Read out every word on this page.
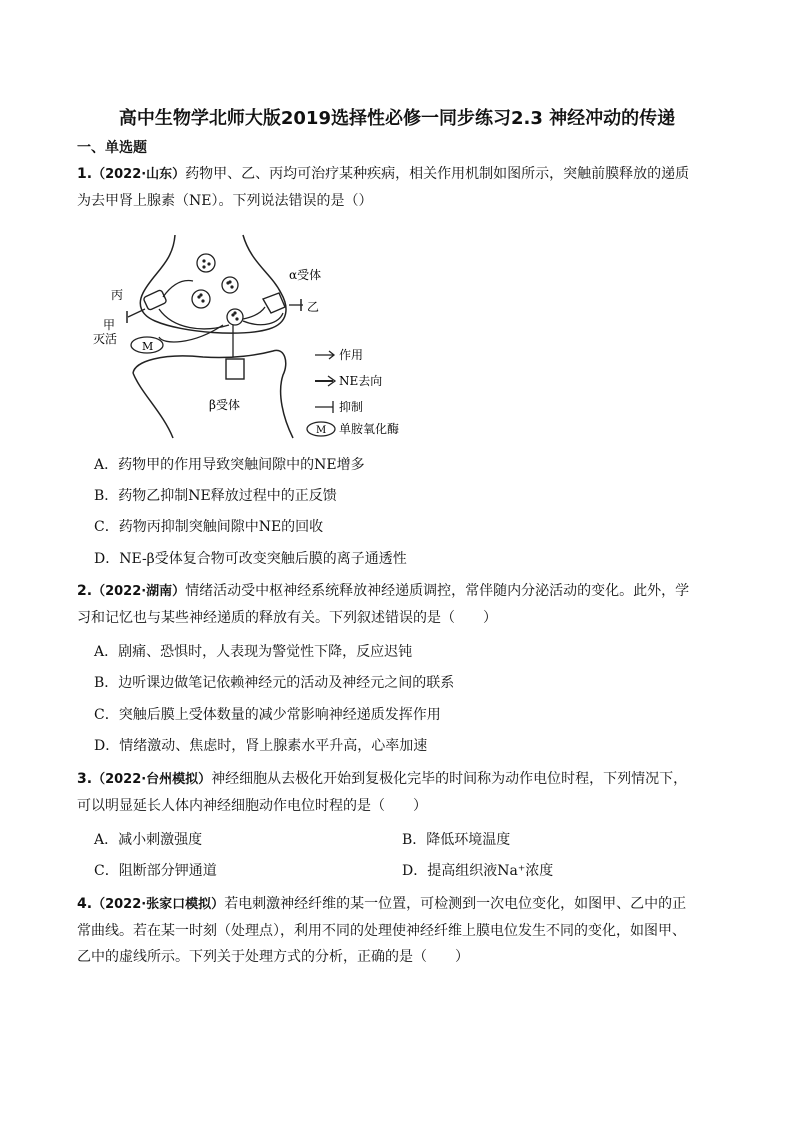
高中生物学北师大版2019选择性必修一同步练习2.3 神经冲动的传递
一、单选题
1.（2022·山东）药物甲、乙、丙均可治疗某种疾病，相关作用机制如图所示，突触前膜释放的递质
为去甲肾上腺素（NE）。下列说法错误的是（）
M
丙
甲
灭活
乙
α受体
β受体
M
作用
NE去向
抑制
单胺氧化酶
A．药物甲的作用导致突触间隙中的NE增多
B．药物乙抑制NE释放过程中的正反馈
C．药物丙抑制突触间隙中NE的回收
D．NE-β受体复合物可改变突触后膜的离子通透性
2.（2022·湖南）情绪活动受中枢神经系统释放神经递质调控，常伴随内分泌活动的变化。此外，学
习和记忆也与某些神经递质的释放有关。下列叙述错误的是（　　）
A．剧痛、恐惧时，人表现为警觉性下降，反应迟钝
B．边听课边做笔记依赖神经元的活动及神经元之间的联系
C．突触后膜上受体数量的减少常影响神经递质发挥作用
D．情绪激动、焦虑时，肾上腺素水平升高，心率加速
3.（2022·台州模拟）神经细胞从去极化开始到复极化完毕的时间称为动作电位时程，下列情况下，
可以明显延长人体内神经细胞动作电位时程的是（　　）
A．减小刺激强度	B．降低环境温度
C．阻断部分钾通道	D．提高组织液Na⁺浓度
4.（2022·张家口模拟）若电刺激神经纤维的某一位置，可检测到一次电位变化，如图甲、乙中的正
常曲线。若在某一时刻（处理点），利用不同的处理使神经纤维上膜电位发生不同的变化，如图甲、
乙中的虚线所示。下列关于处理方式的分析，正确的是（　　）
